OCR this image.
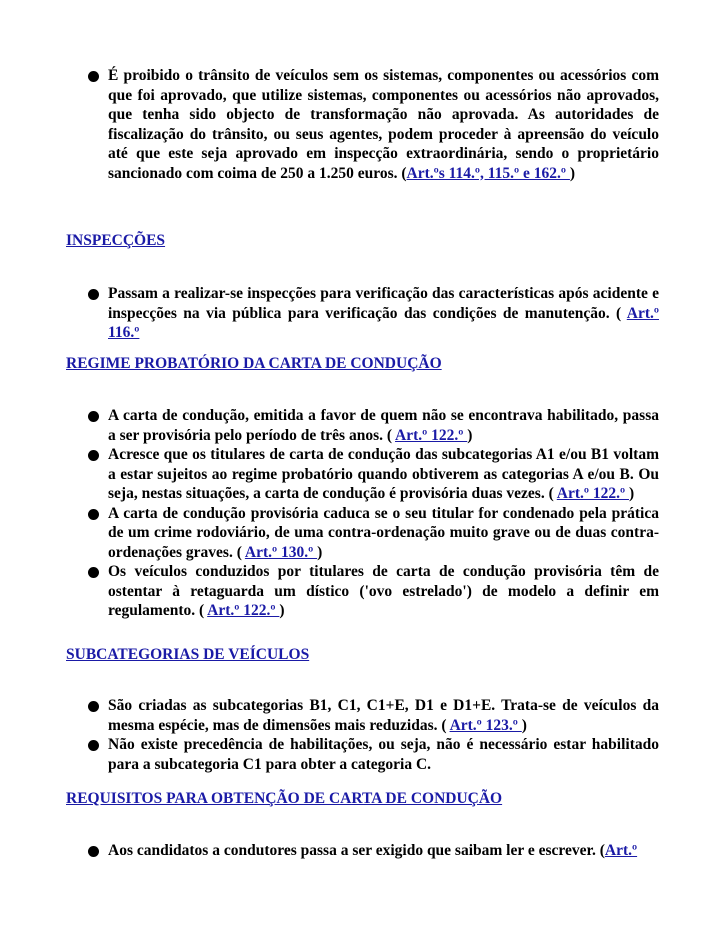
É proibido o trânsito de veículos sem os sistemas, componentes ou acessórios com que foi aprovado, que utilize sistemas, componentes ou acessórios não aprovados, que tenha sido objecto de transformação não aprovada. As autoridades de fiscalização do trânsito, ou seus agentes, podem proceder à apreensão do veículo até que este seja aprovado em inspecção extraordinária, sendo o proprietário sancionado com coima de 250 a 1.250 euros. (Art.ºs 114.º, 115.º e 162.º )
INSPECÇÕES
Passam a realizar-se inspecções para verificação das características após acidente e inspecções na via pública para verificação das condições de manutenção. ( Art.º 116.º
REGIME PROBATÓRIO DA CARTA DE CONDUÇÃO
A carta de condução, emitida a favor de quem não se encontrava habilitado, passa a ser provisória pelo período de três anos. ( Art.º 122.º )
Acresce que os titulares de carta de condução das subcategorias A1 e/ou B1 voltam a estar sujeitos ao regime probatório quando obtiverem as categorias A e/ou B. Ou seja, nestas situações, a carta de condução é provisória duas vezes. ( Art.º 122.º )
A carta de condução provisória caduca se o seu titular for condenado pela prática de um crime rodoviário, de uma contra-ordenação muito grave ou de duas contra-ordenações graves. ( Art.º 130.º )
Os veículos conduzidos por titulares de carta de condução provisória têm de ostentar à retaguarda um dístico ('ovo estrelado') de modelo a definir em regulamento. ( Art.º 122.º )
SUBCATEGORIAS DE VEÍCULOS
São criadas as subcategorias B1, C1, C1+E, D1 e D1+E. Trata-se de veículos da mesma espécie, mas de dimensões mais reduzidas. ( Art.º 123.º )
Não existe precedência de habilitações, ou seja, não é necessário estar habilitado para a subcategoria C1 para obter a categoria C.
REQUISITOS PARA OBTENÇÃO DE CARTA DE CONDUÇÃO
Aos candidatos a condutores passa a ser exigido que saibam ler e escrever. (Art.º
